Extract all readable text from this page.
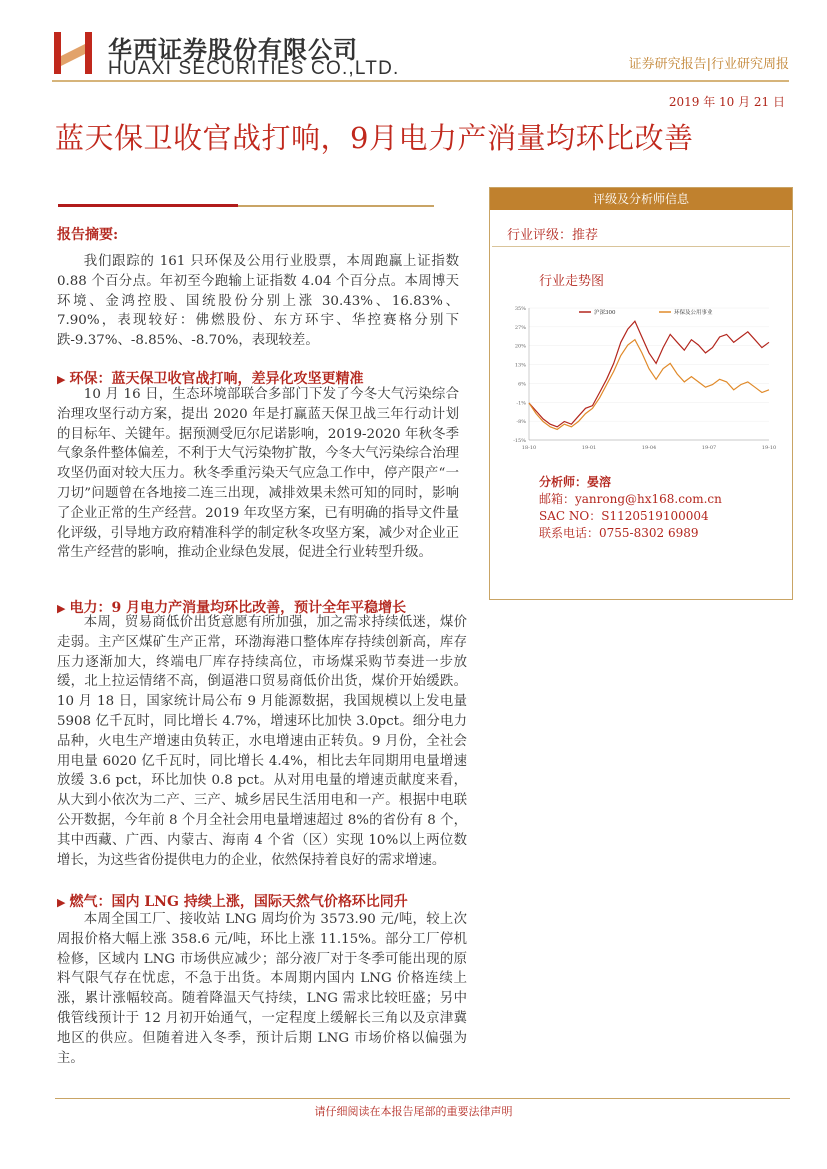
华西证券股份有限公司
HUAXI SECURITIES CO.,LTD.	证券研究报告|行业研究周报
2019 年 10 月 21 日
蓝天保卫收官战打响，9月电力产消量均环比改善
报告摘要:
我们跟踪的 161 只环保及公用行业股票，本周跑赢上证指数 0.88 个百分点。年初至今跑输上证指数 4.04 个百分点。本周博天环境、金鸿控股、国统股份分别上涨 30.43%、16.83%、7.90%，表现较好：佛燃股份、东方环宇、华控赛格分别下跌-9.37%、-8.85%、-8.70%，表现较差。
▶ 环保：蓝天保卫收官战打响，差异化攻坚更精准
10 月 16 日，生态环境部联合多部门下发了今冬大气污染综合治理攻坚行动方案，提出 2020 年是打赢蓝天保卫战三年行动计划的目标年、关键年。据预测受厄尔尼诺影响，2019-2020 年秋冬季气象条件整体偏差，不利于大气污染物扩散，今冬大气污染综合治理攻坚仍面对较大压力。秋冬季重污染天气应急工作中，停产限产“一刀切”问题曾在各地接二连三出现，减排效果未然可知的同时，影响了企业正常的生产经营。2019 年攻坚方案，已有明确的指导文件量化评级，引导地方政府精准科学的制定秋冬攻坚方案，减少对企业正常生产经营的影响，推动企业绿色发展，促进全行业转型升级。
▶ 电力：9 月电力产消量均环比改善，预计全年平稳增长
本周，贸易商低价出货意愿有所加强，加之需求持续低迷，煤价走弱。主产区煤矿生产正常，环渤海港口整体库存持续创新高，库存压力逐渐加大，终端电厂库存持续高位，市场煤采购节奏进一步放缓，北上拉运情绪不高，倒逼港口贸易商低价出货，煤价开始缓跌。10 月 18 日，国家统计局公布 9 月能源数据，我国规模以上发电量 5908 亿千瓦时，同比增长 4.7%，增速环比加快 3.0pct。细分电力品种，火电生产增速由负转正，水电增速由正转负。9 月份，全社会用电量 6020 亿千瓦时，同比增长 4.4%，相比去年同期用电量增速放缓 3.6 pct，环比加快 0.8 pct。从对用电量的增速贡献度来看，从大到小依次为二产、三产、城乡居民生活用电和一产。根据中电联公开数据，今年前 8 个月全社会用电量增速超过 8%的省份有 8 个，其中西藏、广西、内蒙古、海南 4 个省（区）实现 10%以上两位数增长，为这些省份提供电力的企业，依然保持着良好的需求增速。
▶ 燃气：国内 LNG 持续上涨，国际天然气价格环比同升
本周全国工厂、接收站 LNG 周均价为 3573.90 元/吨，较上次周报价格大幅上涨 358.6 元/吨，环比上涨 11.15%。部分工厂停机检修，区域内 LNG 市场供应减少；部分液厂对于冬季可能出现的原料气限气存在忧虑，不急于出货。本周期内国内 LNG 价格连续上涨，累计涨幅较高。随着降温天气持续，LNG 需求比较旺盛；另中俄管线预计于 12 月初开始通气，一定程度上缓解长三角以及京津冀地区的供应。但随着进入冬季，预计后期 LNG 市场价格以偏强为主。
评级及分析师信息
行业评级：推荐
行业走势图
35%
27%
20%
13%
6%
-1%
-8%
-15%
18-10	19-01	19-04	19-07	19-10
沪深300	环保及公用事业
分析师：晏溶
邮箱：yanrong@hx168.com.cn
SAC NO：S1120519100004
联系电话：0755-8302 6989
请仔细阅读在本报告尾部的重要法律声明
